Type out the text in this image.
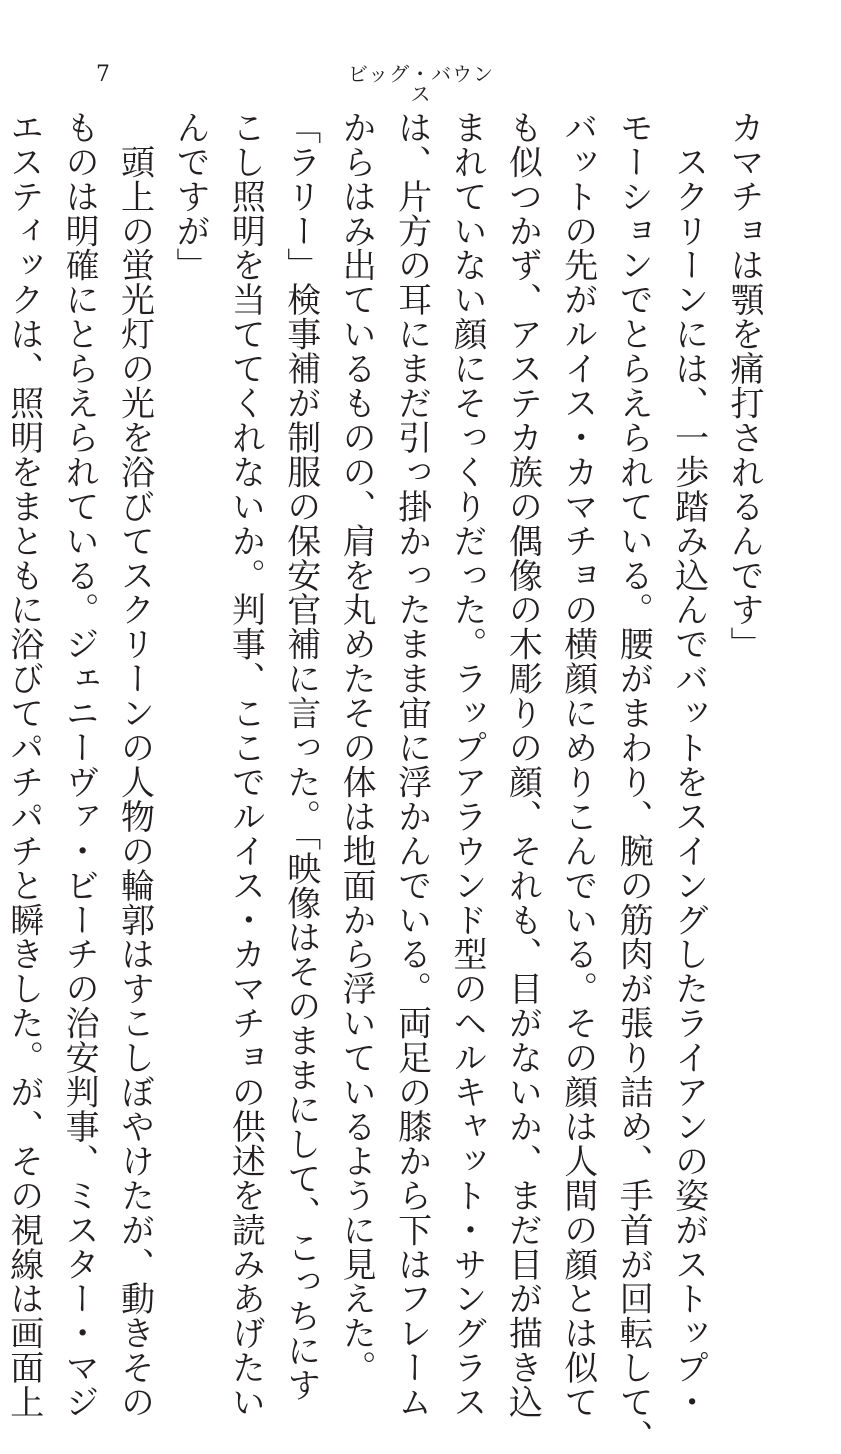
7	ビッグ・バウンス
カマチョは顎を痛打されるんです」
　スクリーンには、一歩踏み込んでバットをスイングしたライアンの姿がストップ・
モーションでとらえられている。腰がまわり、腕の筋肉が張り詰め、手首が回転して、
バットの先がルイス・カマチョの横顔にめりこんでいる。その顔は人間の顔とは似て
も似つかず、アステカ族の偶像の木彫りの顔、それも、目がないか、まだ目が描き込
まれていない顔にそっくりだった。ラップアラウンド型のヘルキャット・サングラス
は、片方の耳にまだ引っ掛かったまま宙に浮かんでいる。両足の膝から下はフレーム
からはみ出ているものの、肩を丸めたその体は地面から浮いているように見えた。
「ラリー」検事補が制服の保安官補に言った。「映像はそのままにして、こっちにす
こし照明を当ててくれないか。判事、ここでルイス・カマチョの供述を読みあげたい
んですが」
　頭上の蛍光灯の光を浴びてスクリーンの人物の輪郭はすこしぼやけたが、動きその
ものは明確にとらえられている。ジェニーヴァ・ビーチの治安判事、ミスター・マジ
エスティックは、照明をまともに浴びてパチパチと瞬きした。が、その視線は画面上
